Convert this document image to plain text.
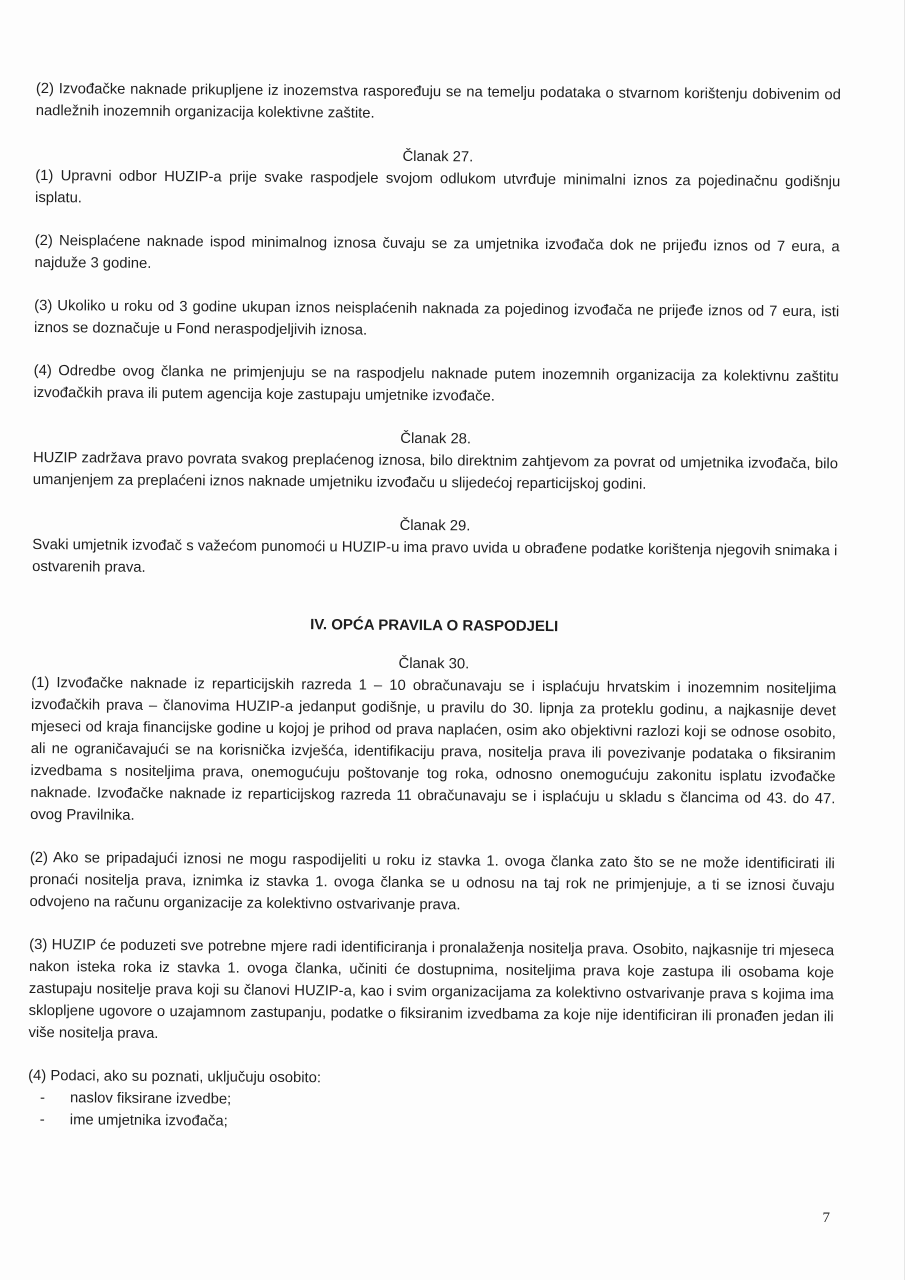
(2) Izvođačke naknade prikupljene iz inozemstva raspoređuju se na temelju podataka o stvarnom korištenju dobivenim od nadležnih inozemnih organizacija kolektivne zaštite.

Članak 27.

(1) Upravni odbor HUZIP-a prije svake raspodjele svojom odlukom utvrđuje minimalni iznos za pojedinačnu godišnju isplatu.

(2) Neisplaćene naknade ispod minimalnog iznosa čuvaju se za umjetnika izvođača dok ne prijeđu iznos od 7 eura, a najduže 3 godine.

(3) Ukoliko u roku od 3 godine ukupan iznos neisplaćenih naknada za pojedinog izvođača ne prijeđe iznos od 7 eura, isti iznos se doznačuje u Fond neraspodjeljivih iznosa.

(4) Odredbe ovog članka ne primjenjuju se na raspodjelu naknade putem inozemnih organizacija za kolektivnu zaštitu izvođačkih prava ili putem agencija koje zastupaju umjetnike izvođače.

Članak 28.

HUZIP zadržava pravo povrata svakog preplaćenog iznosa, bilo direktnim zahtjevom za povrat od umjetnika izvođača, bilo umanjenjem za preplaćeni iznos naknade umjetniku izvođaču u slijedećoj reparticijskoj godini.

Članak 29.

Svaki umjetnik izvođač s važećom punomoći u HUZIP-u ima pravo uvida u obrađene podatke korištenja njegovih snimaka i ostvarenih prava.

IV. OPĆA PRAVILA O RASPODJELI
Članak 30.

(1) Izvođačke naknade iz reparticijskih razreda 1 – 10 obračunavaju se i isplaćuju hrvatskim i inozemnim nositeljima izvođačkih prava – članovima HUZIP-a jedanput godišnje, u pravilu do 30. lipnja za proteklu godinu, a najkasnije devet mjeseci od kraja financijske godine u kojoj je prihod od prava naplaćen, osim ako objektivni razlozi koji se odnose osobito, ali ne ograničavajući se na korisnička izvješća, identifikaciju prava, nositelja prava ili povezivanje podataka o fiksiranim izvedbama s nositeljima prava, onemogućuju poštovanje tog roka, odnosno onemogućuju zakonitu isplatu izvođačke naknade. Izvođačke naknade iz reparticijskog razreda 11 obračunavaju se i isplaćuju u skladu s člancima od 43. do 47. ovog Pravilnika.

(2) Ako se pripadajući iznosi ne mogu raspodijeliti u roku iz stavka 1. ovoga članka zato što se ne može identificirati ili pronaći nositelja prava, iznimka iz stavka 1. ovoga članka se u odnosu na taj rok ne primjenjuje, a ti se iznosi čuvaju odvojeno na računu organizacije za kolektivno ostvarivanje prava.

(3) HUZIP će poduzeti sve potrebne mjere radi identificiranja i pronalaženja nositelja prava. Osobito, najkasnije tri mjeseca nakon isteka roka iz stavka 1. ovoga članka, učiniti će dostupnima, nositeljima prava koje zastupa ili osobama koje zastupaju nositelje prava koji su članovi HUZIP-a, kao i svim organizacijama za kolektivno ostvarivanje prava s kojima ima sklopljene ugovore o uzajamnom zastupanju, podatke o fiksiranim izvedbama za koje nije identificiran ili pronađen jedan ili više nositelja prava.

(4) Podaci, ako su poznati, uključuju osobito:

-	naslov fiksirane izvedbe;
-	ime umjetnika izvođača;
7
